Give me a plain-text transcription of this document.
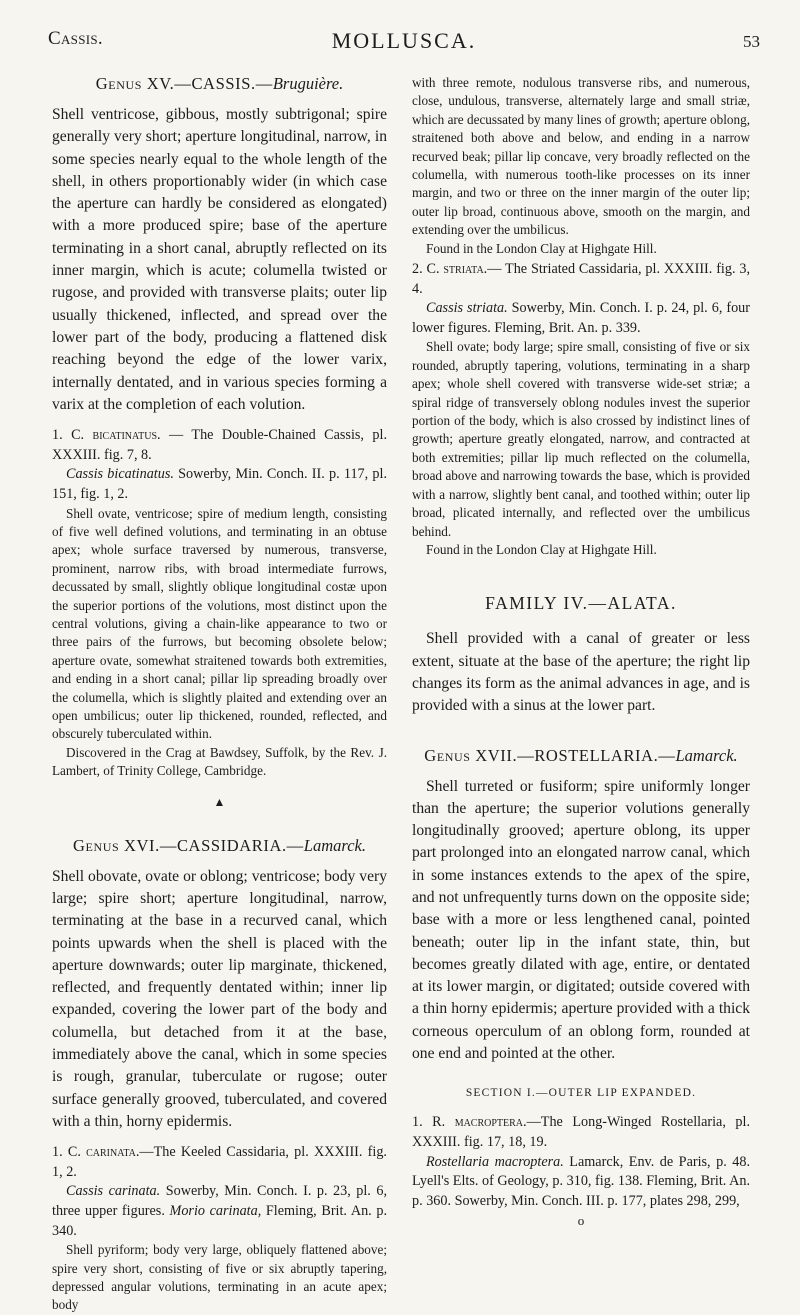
Cassis.	MOLLUSCA.	53
Genus XV.—CASSIS.—Bruguière.

Shell ventricose, gibbous, mostly subtrigonal; spire generally very short; aperture longitudinal, narrow, in some species nearly equal to the whole length of the shell, in others proportionably wider (in which case the aperture can hardly be considered as elongated) with a more produced spire; base of the aperture terminating in a short canal, abruptly reflected on its inner margin, which is acute; columella twisted or rugose, and provided with transverse plaits; outer lip usually thickened, inflected, and spread over the lower part of the body, producing a flattened disk reaching beyond the edge of the lower varix, internally dentated, and in various species forming a varix at the completion of each volution.

1. C. bicatinatus. — The Double-Chained Cassis, pl. XXXIII. fig. 7, 8.

Cassis bicatinatus. Sowerby, Min. Conch. II. p. 117, pl. 151, fig. 1, 2.

Shell ovate, ventricose; spire of medium length, consisting of five well defined volutions, and terminating in an obtuse apex; whole surface traversed by numerous, transverse, prominent, narrow ribs, with broad intermediate furrows, decussated by small, slightly oblique longitudinal costæ upon the superior portions of the volutions, most distinct upon the central volutions, giving a chain-like appearance to two or three pairs of the furrows, but becoming obsolete below; aperture ovate, somewhat straitened towards both extremities, and ending in a short canal; pillar lip spreading broadly over the columella, which is slightly plaited and extending over an open umbilicus; outer lip thickened, rounded, reflected, and obscurely tuberculated within.

Discovered in the Crag at Bawdsey, Suffolk, by the Rev. J. Lambert, of Trinity College, Cambridge.

▲
Genus XVI.—CASSIDARIA.—Lamarck.

Shell obovate, ovate or oblong; ventricose; body very large; spire short; aperture longitudinal, narrow, terminating at the base in a recurved canal, which points upwards when the shell is placed with the aperture downwards; outer lip marginate, thickened, reflected, and frequently dentated within; inner lip expanded, covering the lower part of the body and columella, but detached from it at the base, immediately above the canal, which in some species is rough, granular, tuberculate or rugose; outer surface generally grooved, tuberculated, and covered with a thin, horny epidermis.

1. C. carinata.—The Keeled Cassidaria, pl. XXXIII. fig. 1, 2.

Cassis carinata. Sowerby, Min. Conch. I. p. 23, pl. 6, three upper figures. Morio carinata, Fleming, Brit. An. p. 340.

Shell pyriform; body very large, obliquely flattened above; spire very short, consisting of five or six abruptly tapering, depressed angular volutions, terminating in an acute apex; body

with three remote, nodulous transverse ribs, and numerous, close, undulous, transverse, alternately large and small striæ, which are decussated by many lines of growth; aperture oblong, straitened both above and below, and ending in a narrow recurved beak; pillar lip concave, very broadly reflected on the columella, with numerous tooth-like processes on its inner margin, and two or three on the inner margin of the outer lip; outer lip broad, continuous above, smooth on the margin, and extending over the umbilicus.

Found in the London Clay at Highgate Hill.

2. C. striata.— The Striated Cassidaria, pl. XXXIII. fig. 3, 4.

Cassis striata. Sowerby, Min. Conch. I. p. 24, pl. 6, four lower figures. Fleming, Brit. An. p. 339.

Shell ovate; body large; spire small, consisting of five or six rounded, abruptly tapering, volutions, terminating in a sharp apex; whole shell covered with transverse wide-set striæ; a spiral ridge of transversely oblong nodules invest the superior portion of the body, which is also crossed by indistinct lines of growth; aperture greatly elongated, narrow, and contracted at both extremities; pillar lip much reflected on the columella, broad above and narrowing towards the base, which is provided with a narrow, slightly bent canal, and toothed within; outer lip broad, plicated internally, and reflected over the umbilicus behind.

Found in the London Clay at Highgate Hill.

FAMILY IV.—ALATA.

Shell provided with a canal of greater or less extent, situate at the base of the aperture; the right lip changes its form as the animal advances in age, and is provided with a sinus at the lower part.

Genus XVII.—ROSTELLARIA.—Lamarck.

Shell turreted or fusiform; spire uniformly longer than the aperture; the superior volutions generally longitudinally grooved; aperture oblong, its upper part prolonged into an elongated narrow canal, which in some instances extends to the apex of the spire, and not unfrequently turns down on the opposite side; base with a more or less lengthened canal, pointed beneath; outer lip in the infant state, thin, but becomes greatly dilated with age, entire, or dentated at its lower margin, or digitated; outside covered with a thin horny epidermis; aperture provided with a thick corneous operculum of an oblong form, rounded at one end and pointed at the other.

SECTION I.—OUTER LIP EXPANDED.

1. R. macroptera.—The Long-Winged Rostellaria, pl. XXXIII. fig. 17, 18, 19.

Rostellaria macroptera. Lamarck, Env. de Paris, p. 48. Lyell's Elts. of Geology, p. 310, fig. 138. Fleming, Brit. An. p. 360. Sowerby, Min. Conch. III. p. 177, plates 298, 299,

o
